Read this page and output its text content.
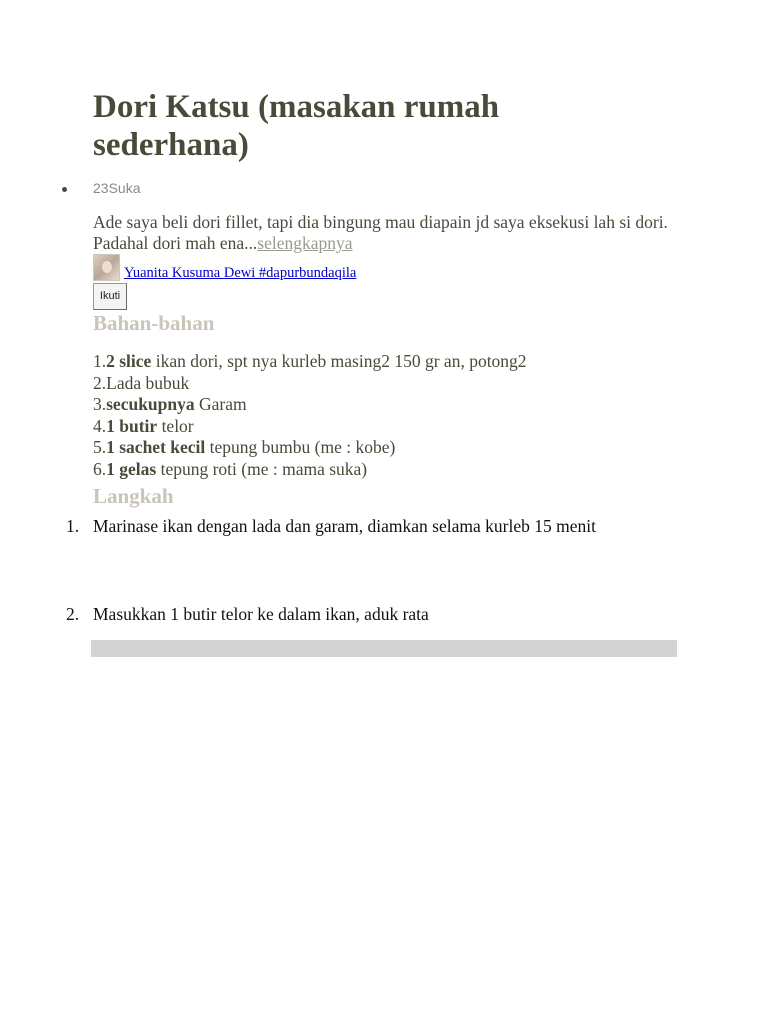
Dori Katsu (masakan rumah sederhana)
23Suka

Ade saya beli dori fillet, tapi dia bingung mau diapain jd saya eksekusi lah si dori. Padahal dori mah ena...selengkapnya

Yuanita Kusuma Dewi #dapurbundaqila
Ikuti
Bahan-bahan
1.2 slice ikan dori, spt nya kurleb masing2 150 gr an, potong2
2.Lada bubuk
3.secukupnya Garam
4.1 butir telor
5.1 sachet kecil tepung bumbu (me : kobe)
6.1 gelas tepung roti (me : mama suka)
Langkah
1. Marinase ikan dengan lada dan garam, diamkan selama kurleb 15 menit
2. Masukkan 1 butir telor ke dalam ikan, aduk rata
